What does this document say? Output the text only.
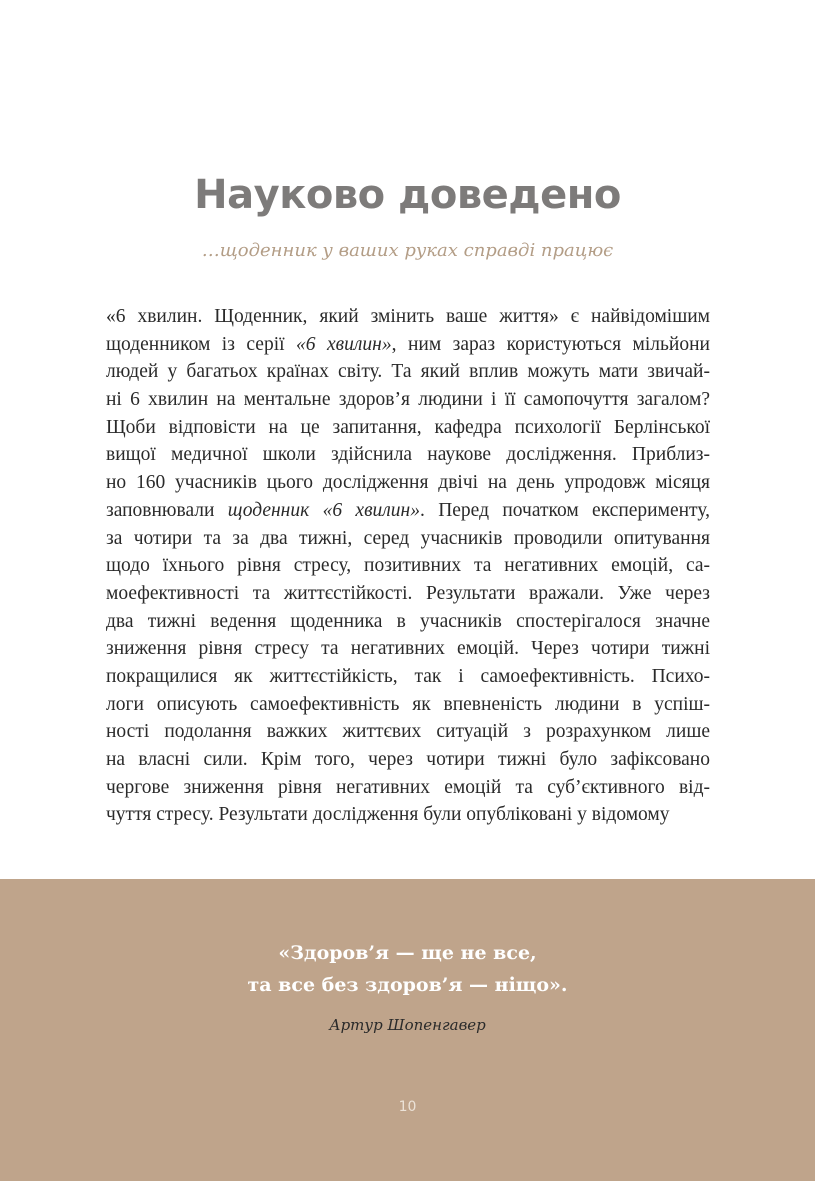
Науково доведено

…щоденник у ваших руках справді працює

«6 хвилин. Щоденник, який змінить ваше життя» є найвідомішим
щоденником із серії «6 хвилин», ним зараз користуються мільйони
людей у багатьох країнах світу. Та який вплив можуть мати звичай-
ні 6 хвилин на ментальне здоров’я людини і її самопочуття загалом?
Щоби відповісти на це запитання, кафедра психології Берлінської
вищої медичної школи здійснила наукове дослідження. Приблиз-
но 160 учасників цього дослідження двічі на день упродовж місяця
заповнювали щоденник «6 хвилин». Перед початком експерименту,
за чотири та за два тижні, серед учасників проводили опитування
щодо їхнього рівня стресу, позитивних та негативних емоцій, са-
моефективності та життєстійкості. Результати вражали. Уже через
два тижні ведення щоденника в учасників спостерігалося значне
зниження рівня стресу та негативних емоцій. Через чотири тижні
покращилися як життєстійкість, так і самоефективність. Психо-
логи описують самоефективність як впевненість людини в успіш-
ності подолання важких життєвих ситуацій з розрахунком лише
на власні сили. Крім того, через чотири тижні було зафіксовано
чергове зниження рівня негативних емоцій та суб’єктивного від-
чуття стресу. Результати дослідження були опубліковані у відомому

«Здоров’я — ще не все,
та все без здоров’я — ніщо».

Артур Шопенгавер

10
